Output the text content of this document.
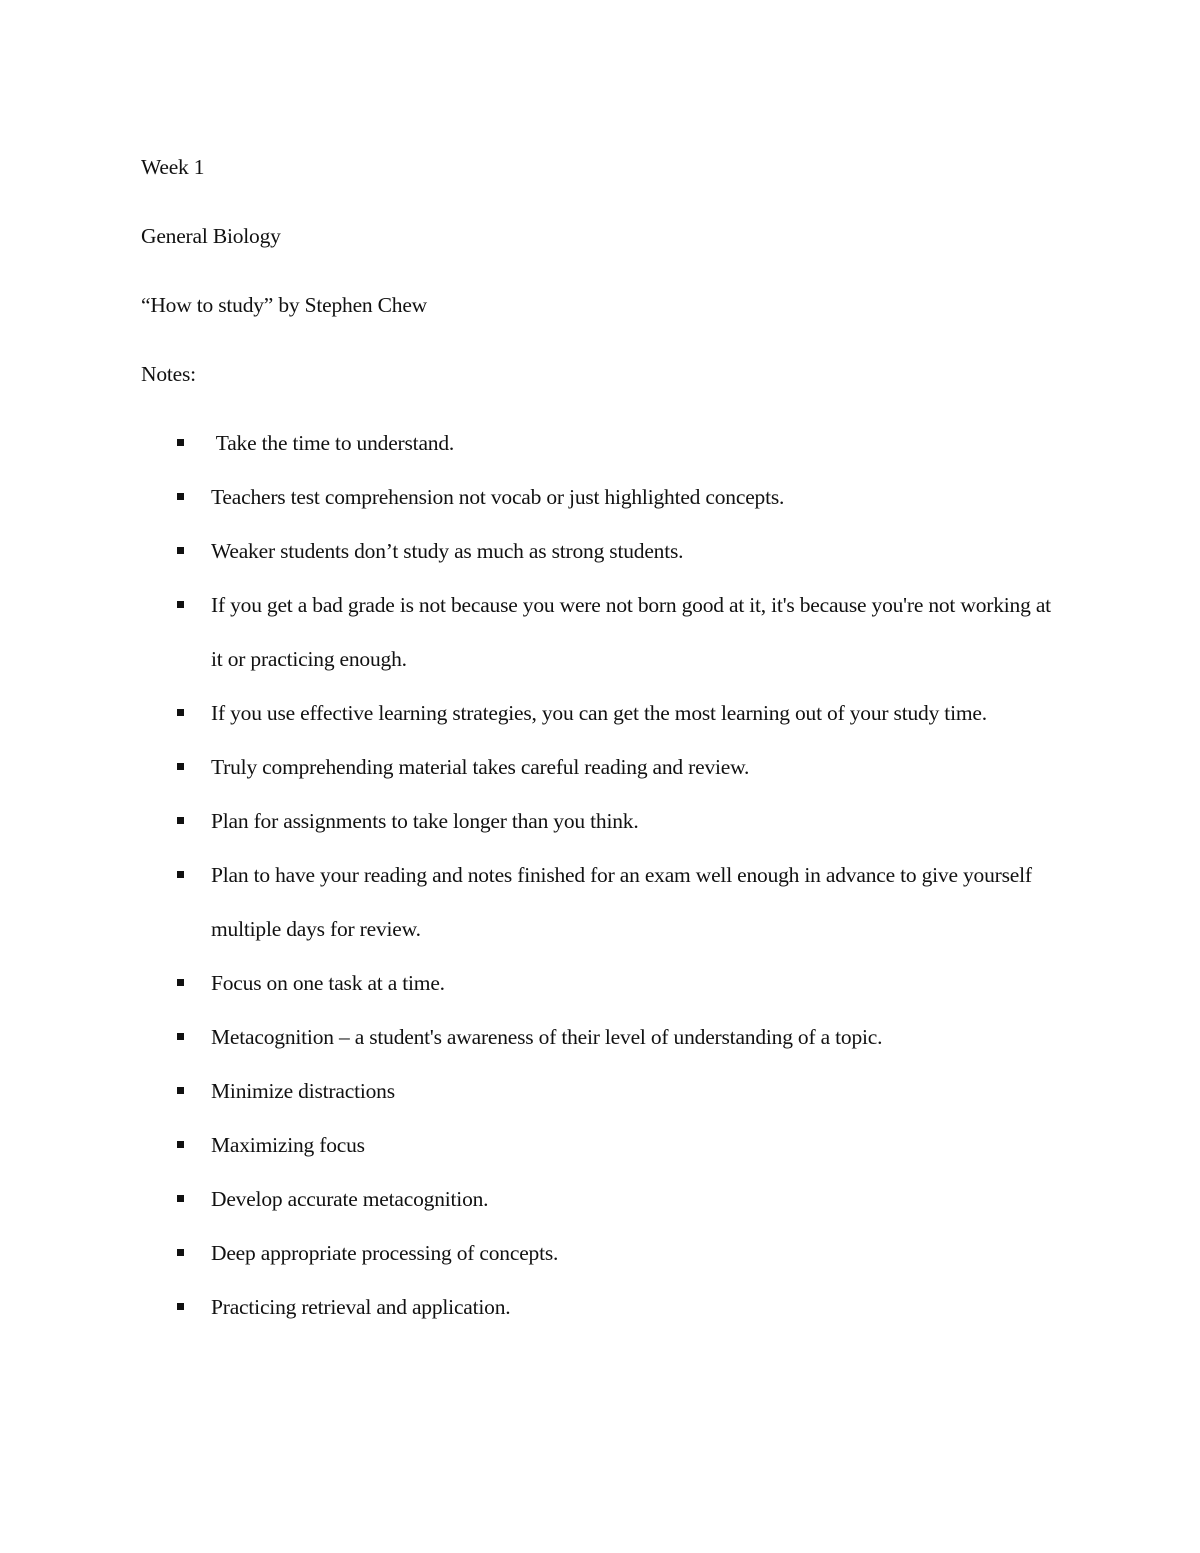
Week 1

General Biology

“How to study” by Stephen Chew

Notes:

Take the time to understand.
Teachers test comprehension not vocab or just highlighted concepts.
Weaker students don’t study as much as strong students.
If you get a bad grade is not because you were not born good at it, it's because you're not working at it or practicing enough.
If you use effective learning strategies, you can get the most learning out of your study time.
Truly comprehending material takes careful reading and review.
Plan for assignments to take longer than you think.
Plan to have your reading and notes finished for an exam well enough in advance to give yourself multiple days for review.
Focus on one task at a time.
Metacognition – a student's awareness of their level of understanding of a topic.
Minimize distractions
Maximizing focus
Develop accurate metacognition.
Deep appropriate processing of concepts.
Practicing retrieval and application.
